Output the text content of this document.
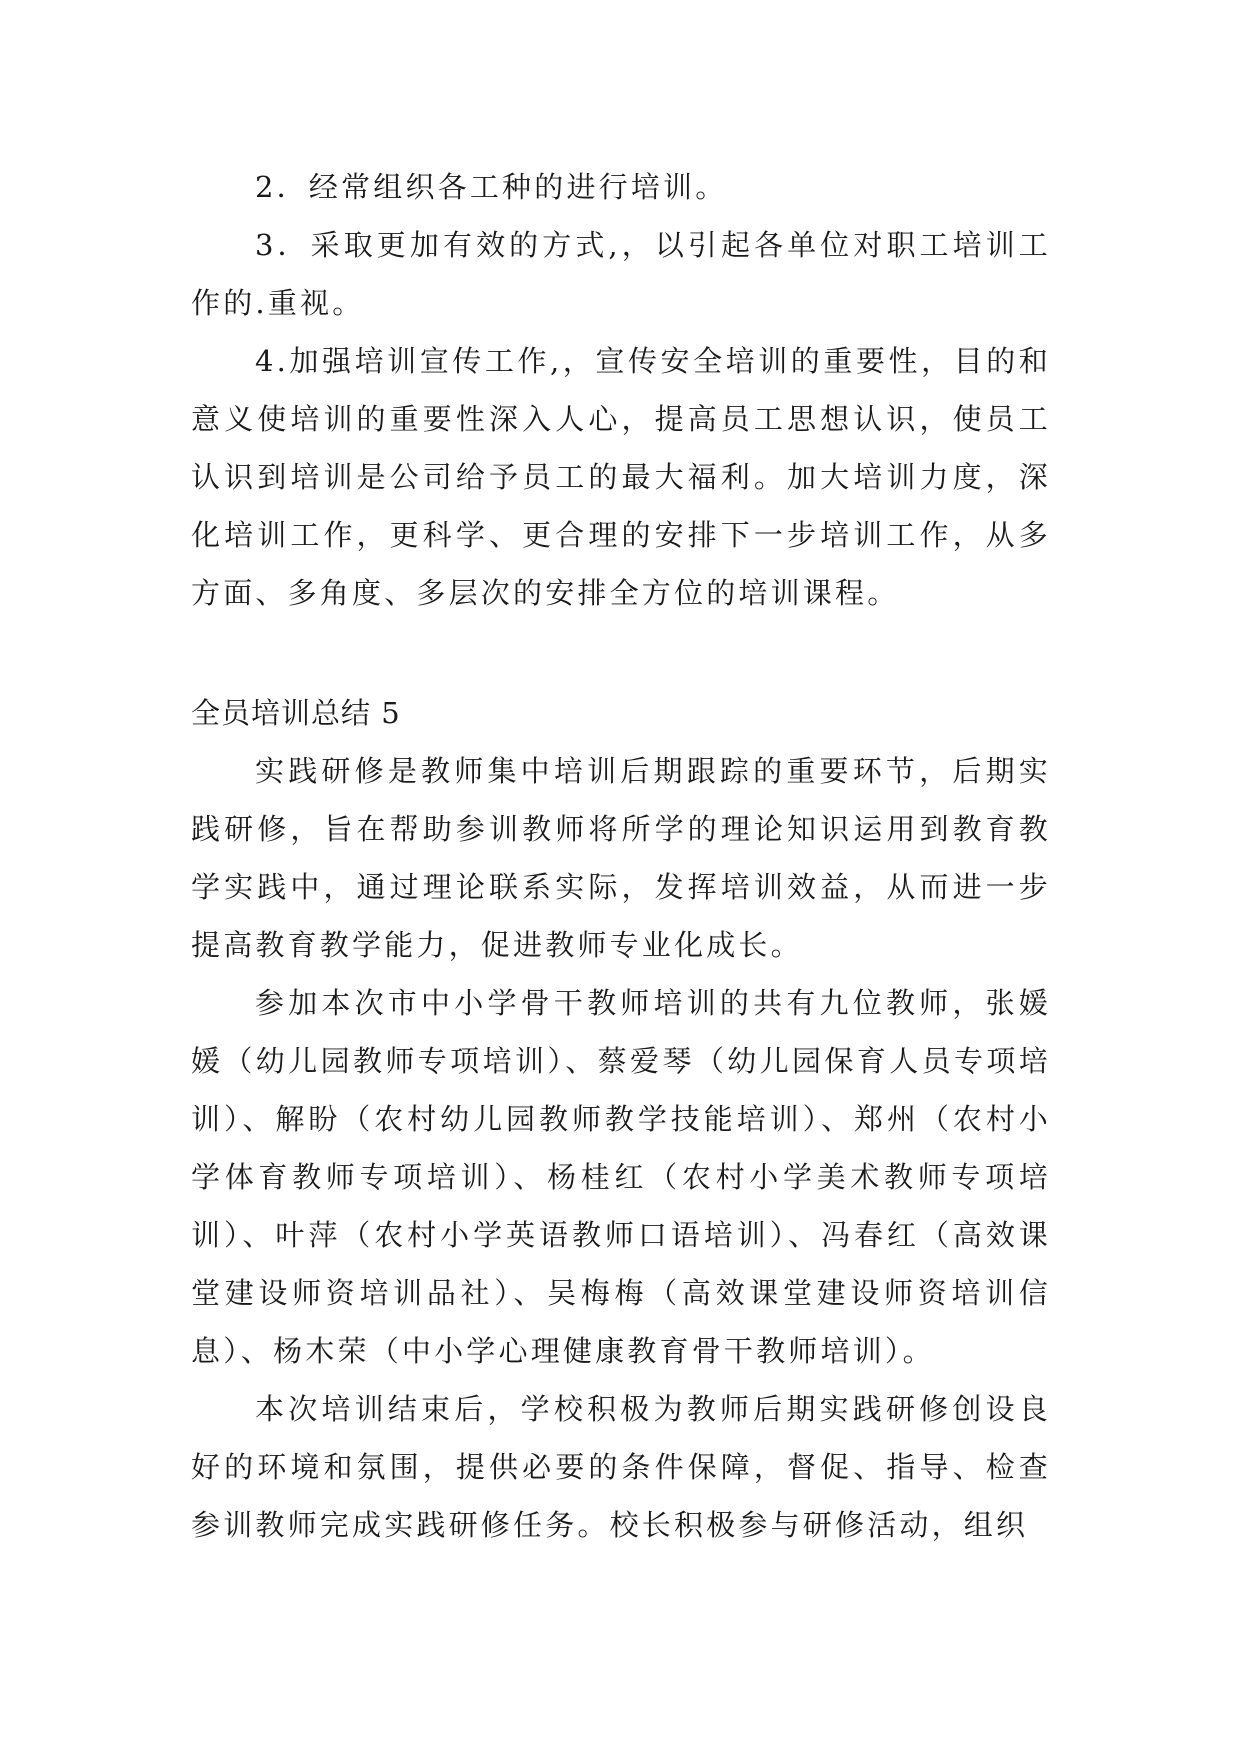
2．经常组织各工种的进行培训。

3．采取更加有效的方式,，以引起各单位对职工培训工作的.重视。

4.加强培训宣传工作,，宣传安全培训的重要性，目的和意义使培训的重要性深入人心，提高员工思想认识，使员工认识到培训是公司给予员工的最大福利。加大培训力度，深化培训工作，更科学、更合理的安排下一步培训工作，从多方面、多角度、多层次的安排全方位的培训课程。

全员培训总结 5

实践研修是教师集中培训后期跟踪的重要环节，后期实践研修，旨在帮助参训教师将所学的理论知识运用到教育教学实践中，通过理论联系实际，发挥培训效益，从而进一步提高教育教学能力，促进教师专业化成长。

参加本次市中小学骨干教师培训的共有九位教师，张媛媛（幼儿园教师专项培训）、蔡爱琴（幼儿园保育人员专项培训）、解盼（农村幼儿园教师教学技能培训）、郑州（农村小学体育教师专项培训）、杨桂红（农村小学美术教师专项培训）、叶萍（农村小学英语教师口语培训）、冯春红（高效课堂建设师资培训品社）、吴梅梅（高效课堂建设师资培训信息）、杨木荣（中小学心理健康教育骨干教师培训）。

本次培训结束后，学校积极为教师后期实践研修创设良好的环境和氛围，提供必要的条件保障，督促、指导、检查参训教师完成实践研修任务。校长积极参与研修活动，组织
